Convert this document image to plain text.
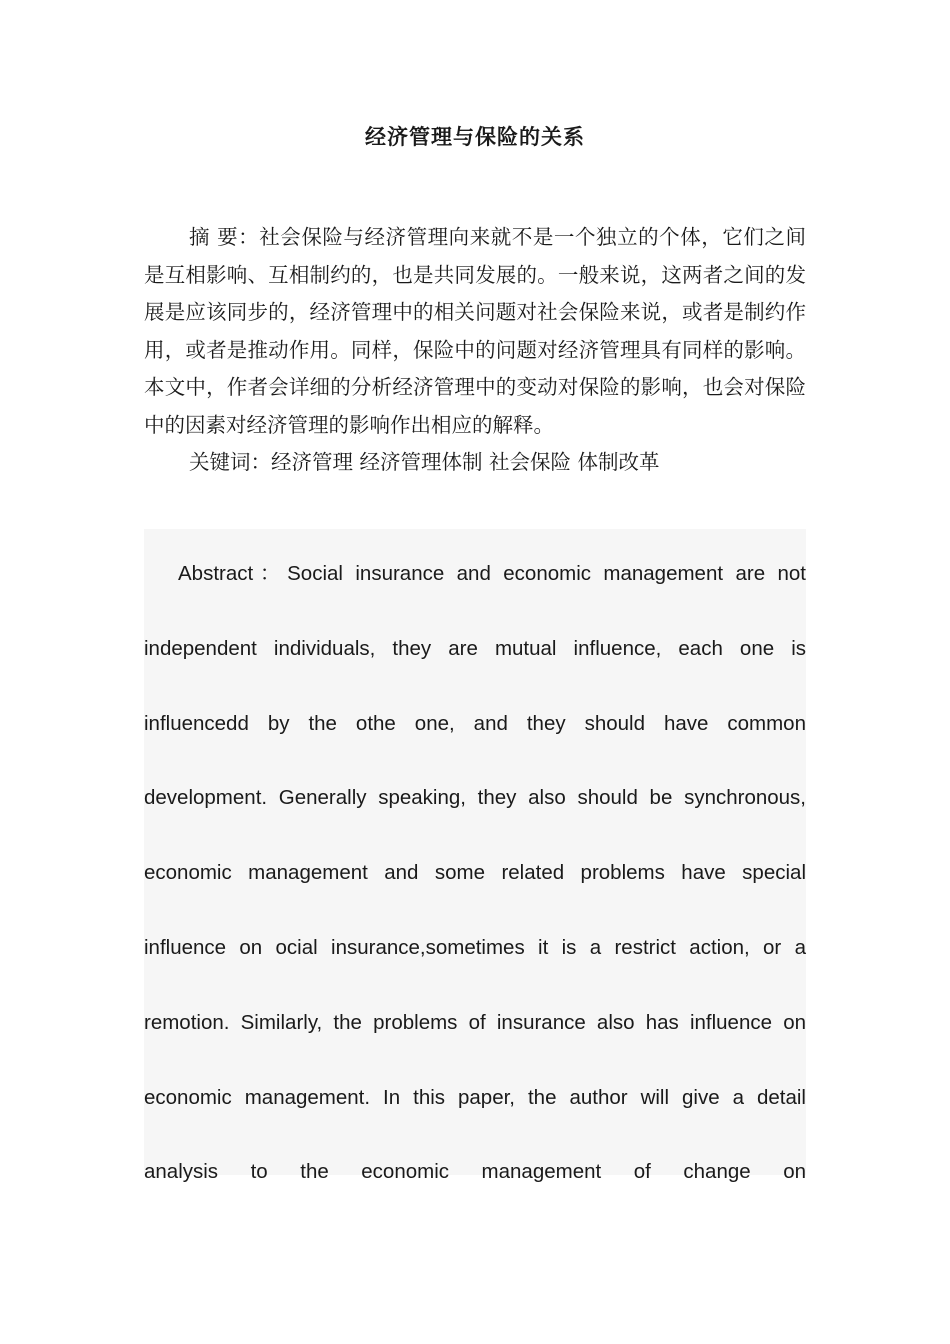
经济管理与保险的关系

摘 要：社会保险与经济管理向来就不是一个独立的个体，它们之间是互相影响、互相制约的，也是共同发展的。一般来说，这两者之间的发展是应该同步的，经济管理中的相关问题对社会保险来说，或者是制约作用，或者是推动作用。同样，保险中的问题对经济管理具有同样的影响。本文中，作者会详细的分析经济管理中的变动对保险的影响，也会对保险中的因素对经济管理的影响作出相应的解释。

关键词：经济管理 经济管理体制 社会保险 体制改革

Abstract：Social insurance and economic management are not independent individuals, they are mutual influence, each one is influencedd by the othe one, and they should have common development. Generally speaking, they also should be synchronous, economic management and some related problems have special influence on ocial insurance,sometimes it is a restrict action, or a remotion. Similarly, the problems of insurance also has influence on economic management. In this paper, the author will give a detail analysis to the economic management of change on
